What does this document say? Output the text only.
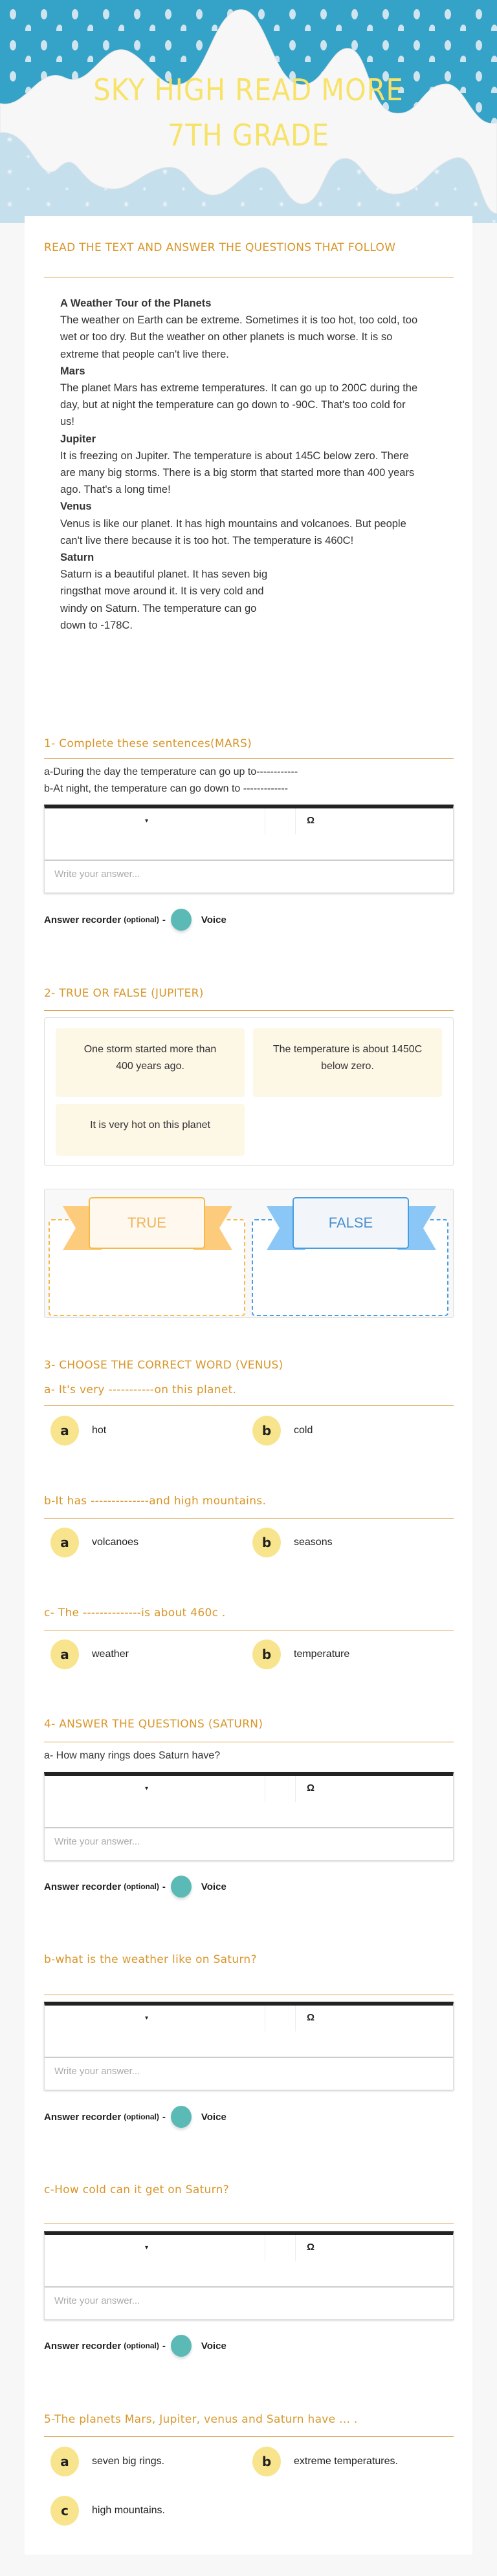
SKY HIGH READ MORE
7TH GRADE
READ THE TEXT AND ANSWER THE QUESTIONS THAT FOLLOW
A Weather Tour of the Planets
The weather on Earth can be extreme. Sometimes it is too hot, too cold, too wet or too dry. But the weather on other planets is much worse. It is so extreme that people can't live there.
Mars
The planet Mars has extreme temperatures. It can go up to 200C during the day, but at night the temperature can go down to -90C. That's too cold for us!
Jupiter
It is freezing on Jupiter. The temperature is about 145C below zero. There are many big storms. There is a big storm that started more than 400 years ago. That's a long time!
Venus
Venus is like our planet. It has high mountains and volcanoes. But people can't live there because it is too hot. The temperature is 460C!
Saturn
Saturn is a beautiful planet. It has seven big ringsthat move around it. It is very cold and windy on Saturn. The temperature can go down to -178C.
1- Complete these sentences(MARS)
a-During the day the temperature can go up to------------
b-At night, the temperature can go down to -------------
▾	Ω
Write your answer...
Answer recorder (optional) -	Voice
2- TRUE OR FALSE (JUPITER)
One storm started more than 400 years ago.
The temperature is about 1450C below zero.
It is very hot on this planet
TRUE	FALSE
3- CHOOSE THE CORRECT WORD (VENUS)
a- It's very -----------on this planet.
a	hot	b	cold
b-It has --------------and high mountains.
a	volcanoes	b	seasons
c- The --------------is about 460c .
a	weather	b	temperature
4- ANSWER THE QUESTIONS (SATURN)
a- How many rings does Saturn have?
▾	Ω
Write your answer...
Answer recorder (optional) -	Voice
b-what is the weather like on Saturn?
▾	Ω
Write your answer...
Answer recorder (optional) -	Voice
c-How cold can it get on Saturn?
▾	Ω
Write your answer...
Answer recorder (optional) -	Voice
5-The planets Mars, Jupiter, venus and Saturn have ... .
a	seven big rings.	b	extreme temperatures.
c	high mountains.
